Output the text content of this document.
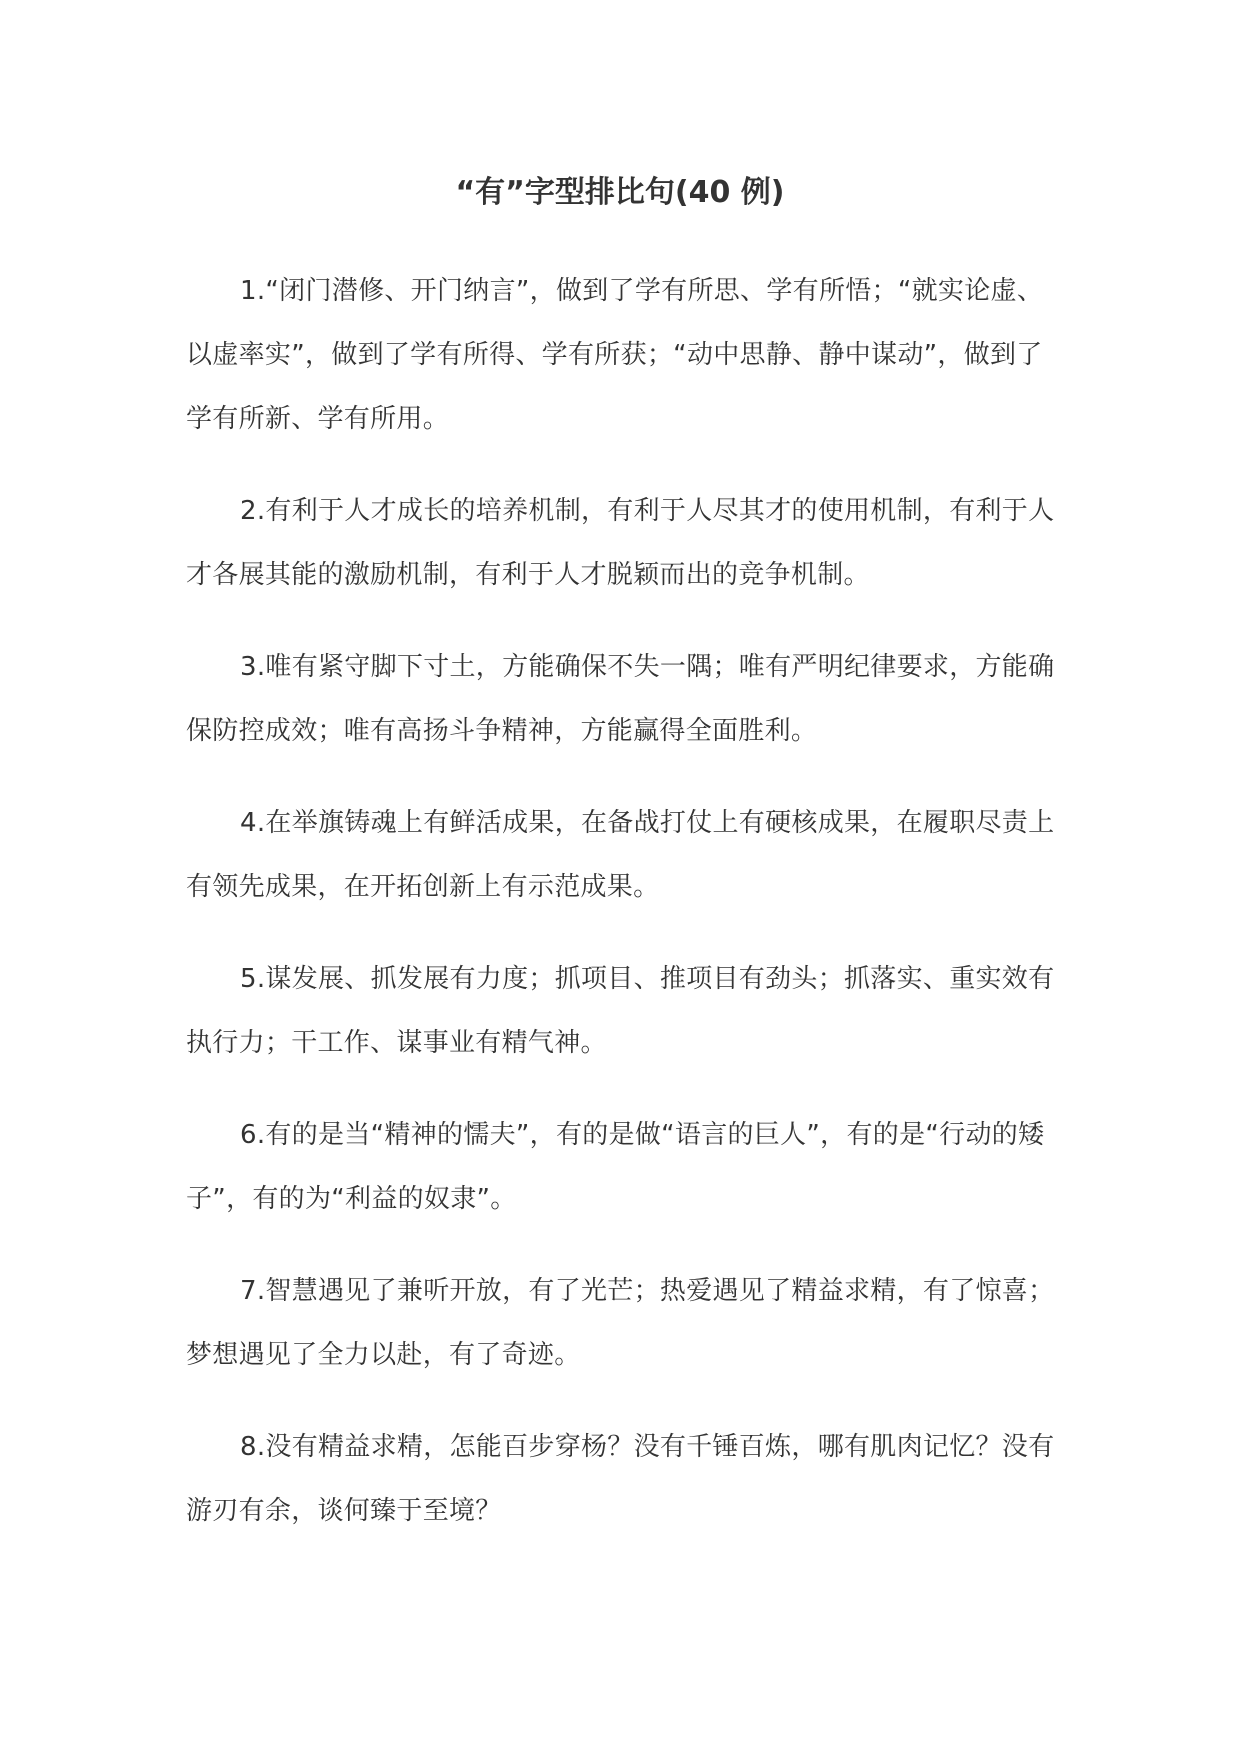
“有”字型排比句(40 例)

1.“闭门潜修、开门纳言”，做到了学有所思、学有所悟；“就实论虚、以虚率实”，做到了学有所得、学有所获；“动中思静、静中谋动”，做到了学有所新、学有所用。

2.有利于人才成长的培养机制，有利于人尽其才的使用机制，有利于人才各展其能的激励机制，有利于人才脱颖而出的竞争机制。

3.唯有紧守脚下寸土，方能确保不失一隅；唯有严明纪律要求，方能确保防控成效；唯有高扬斗争精神，方能赢得全面胜利。

4.在举旗铸魂上有鲜活成果，在备战打仗上有硬核成果，在履职尽责上有领先成果，在开拓创新上有示范成果。

5.谋发展、抓发展有力度；抓项目、推项目有劲头；抓落实、重实效有执行力；干工作、谋事业有精气神。

6.有的是当“精神的懦夫”，有的是做“语言的巨人”，有的是“行动的矮子”，有的为“利益的奴隶”。

7.智慧遇见了兼听开放，有了光芒；热爱遇见了精益求精，有了惊喜；梦想遇见了全力以赴，有了奇迹。

8.没有精益求精，怎能百步穿杨？没有千锤百炼，哪有肌肉记忆？没有游刃有余，谈何臻于至境？
